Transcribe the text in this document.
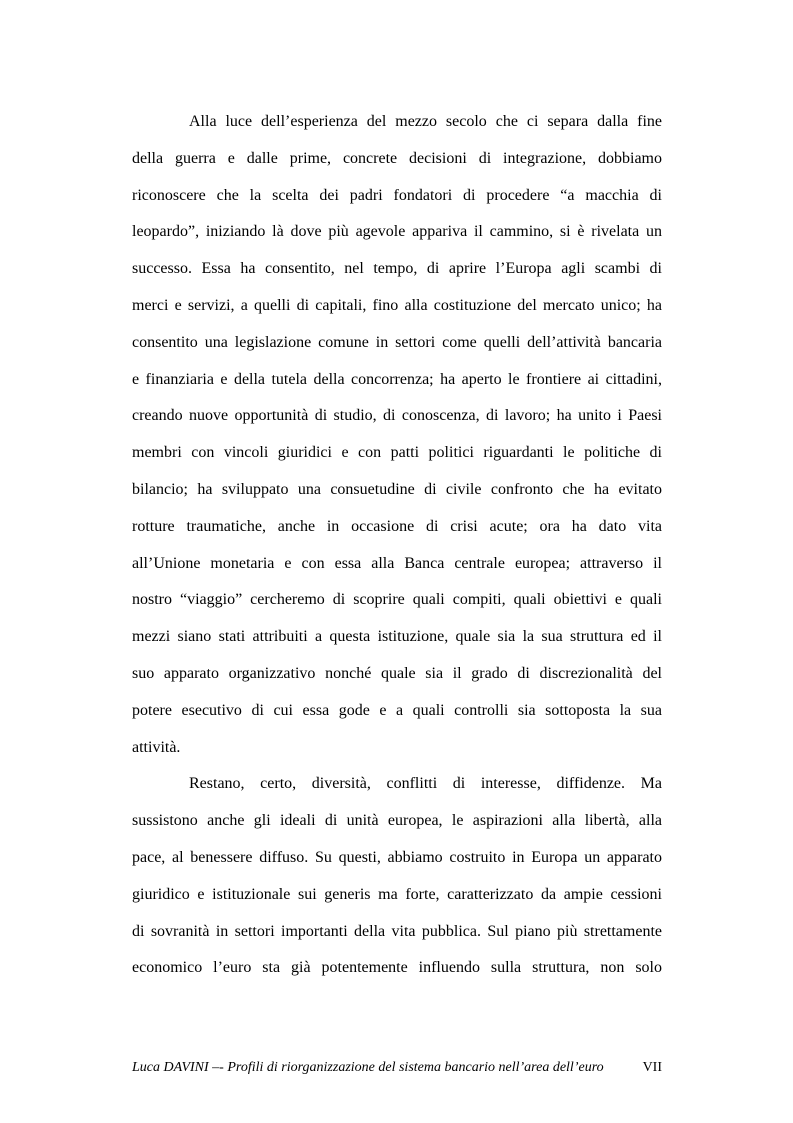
Alla luce dell’esperienza del mezzo secolo che ci separa dalla fine
della guerra e dalle prime, concrete decisioni di integrazione, dobbiamo
riconoscere che la scelta dei padri fondatori di procedere “a macchia di
leopardo”, iniziando là dove più agevole appariva il cammino, si è rivelata un
successo. Essa ha consentito, nel tempo, di aprire l’Europa agli scambi di
merci e servizi, a quelli di capitali, fino alla costituzione del mercato unico; ha
consentito una legislazione comune in settori come quelli dell’attività bancaria
e finanziaria e della tutela della concorrenza; ha aperto le frontiere ai cittadini,
creando nuove opportunità di studio, di conoscenza, di lavoro; ha unito i Paesi
membri con vincoli giuridici e con patti politici riguardanti le politiche di
bilancio; ha sviluppato una consuetudine di civile confronto che ha evitato
rotture traumatiche, anche in occasione di crisi acute; ora ha dato vita
all’Unione monetaria e con essa alla Banca centrale europea; attraverso il
nostro “viaggio” cercheremo di scoprire quali compiti, quali obiettivi e quali
mezzi siano stati attribuiti a questa istituzione, quale sia la sua struttura ed il
suo apparato organizzativo nonché quale sia il grado di discrezionalità del
potere esecutivo di cui essa gode e a quali controlli sia sottoposta la sua
attività.
Restano, certo, diversità, conflitti di interesse, diffidenze. Ma
sussistono anche gli ideali di unità europea, le aspirazioni alla libertà, alla
pace, al benessere diffuso. Su questi, abbiamo costruito in Europa un apparato
giuridico e istituzionale sui generis ma forte, caratterizzato da ampie cessioni
di sovranità in settori importanti della vita pubblica. Sul piano più strettamente
economico l’euro sta già potentemente influendo sulla struttura, non solo
Luca DAVINI –- Profili di riorganizzazione del sistema bancario nell’area dell’euro	VII
